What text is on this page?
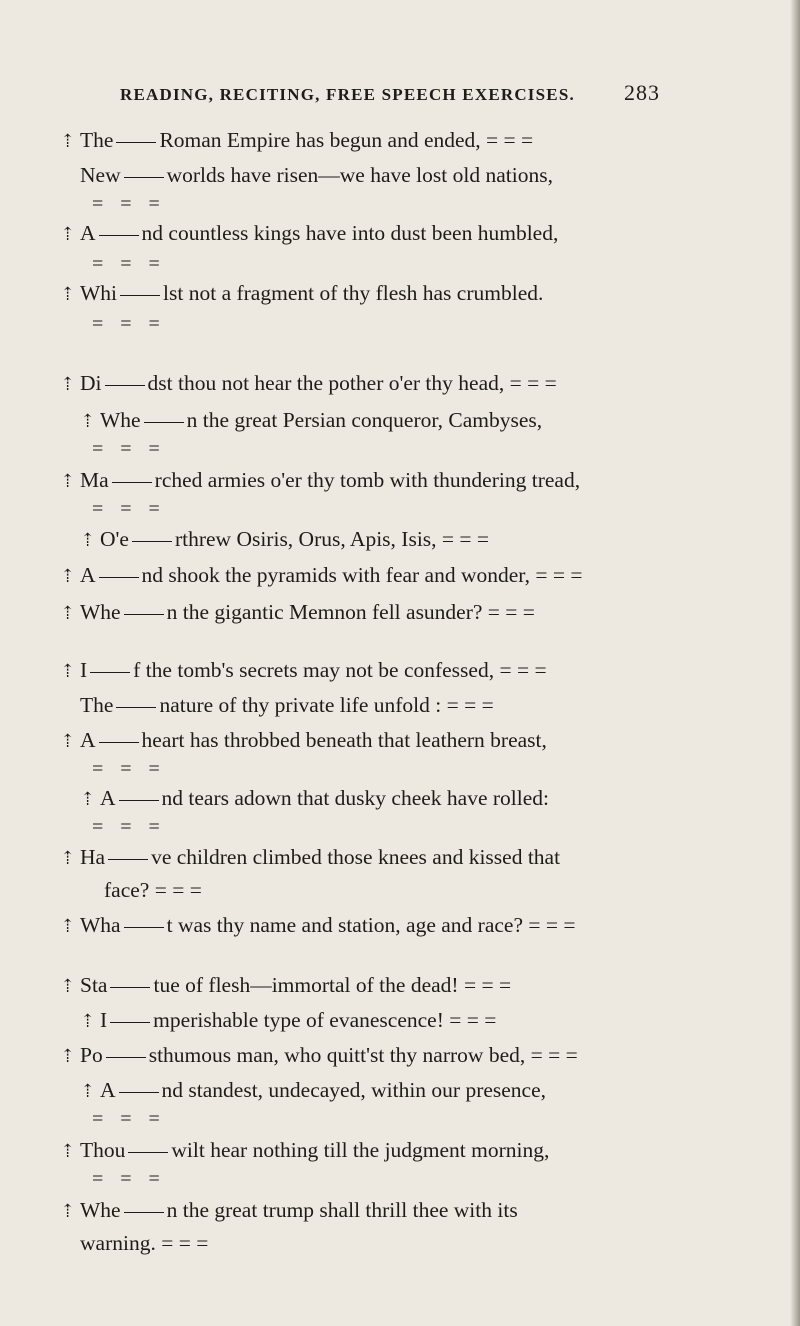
READING, RECITING, FREE SPEECH EXERCISES. 283
⇡ The Roman Empire has begun and ended, = = =
New worlds have risen—we have lost old nations,
= = =
⇡ A nd countless kings have into dust been humbled,
= = =
⇡ Whi lst not a fragment of thy flesh has crumbled.
= = =
⇡ Di dst thou not hear the pother o'er thy head, = = =
⇡ Whe n the great Persian conqueror, Cambyses,
= = =
⇡ Ma rched armies o'er thy tomb with thundering tread,
= = =
⇡ O'e rthrew Osiris, Orus, Apis, Isis, = = =
⇡ A nd shook the pyramids with fear and wonder, = = =
⇡ Whe n the gigantic Memnon fell asunder? = = =
⇡ I f the tomb's secrets may not be confessed, = = =
The nature of thy private life unfold : = = =
⇡ A heart has throbbed beneath that leathern breast,
= = =
⇡ A nd tears adown that dusky cheek have rolled:
= = =
⇡ Ha ve children climbed those knees and kissed that
face? = = =
⇡ Wha t was thy name and station, age and race? = = =
⇡ Sta tue of flesh—immortal of the dead! = = =
⇡ I mperishable type of evanescence! = = =
⇡ Po sthumous man, who quitt'st thy narrow bed, = = =
⇡ A nd standest, undecayed, within our presence,
= = =
⇡ Thou wilt hear nothing till the judgment morning,
= = =
⇡ Whe n the great trump shall thrill thee with its
warning. = = =
